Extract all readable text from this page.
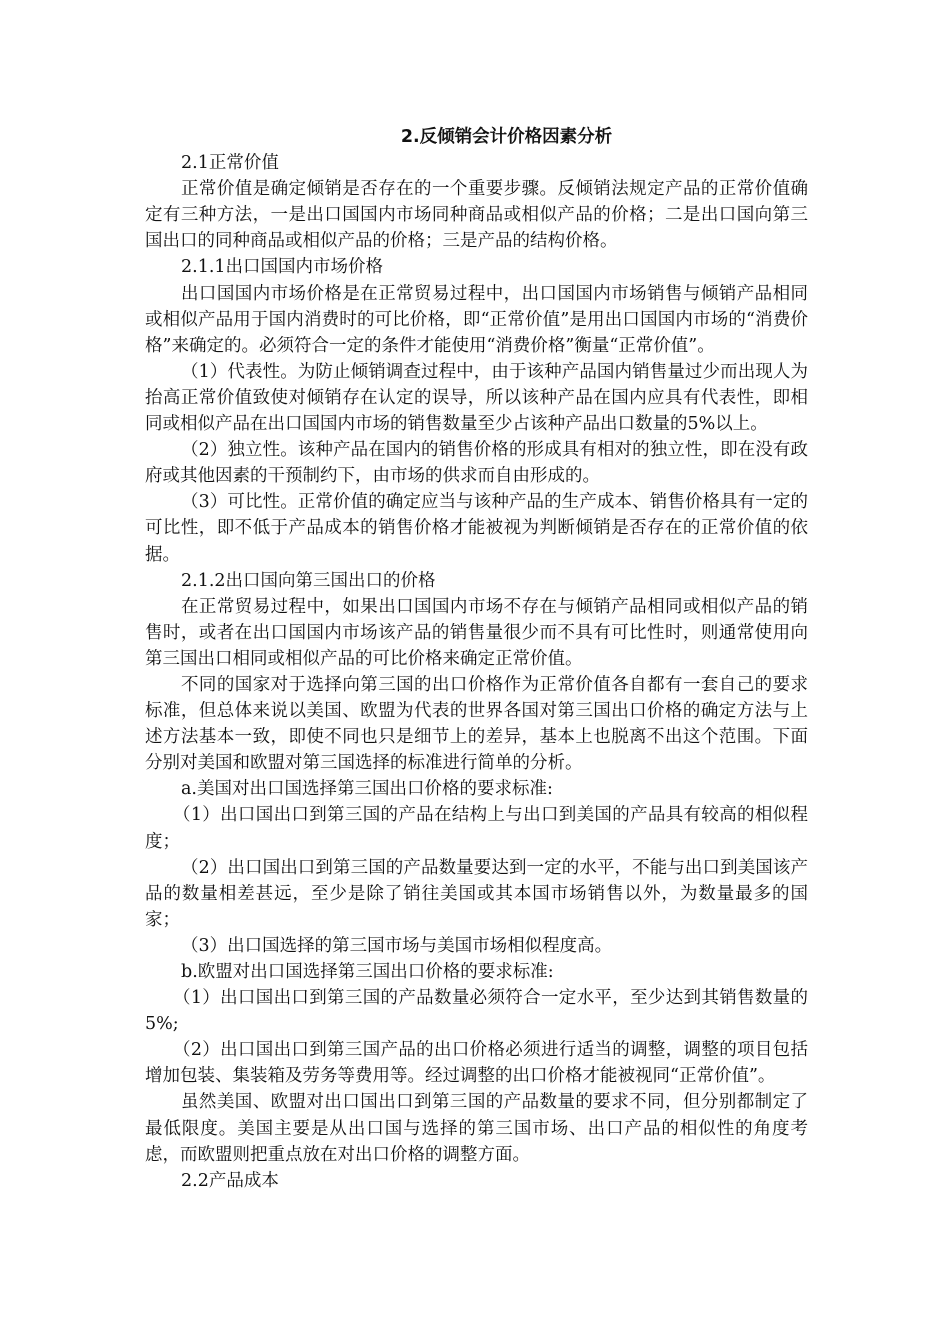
2.反倾销会计价格因素分析

2.1正常价值

正常价值是确定倾销是否存在的一个重要步骤。反倾销法规定产品的正常价值确定有三种方法，一是出口国国内市场同种商品或相似产品的价格；二是出口国向第三国出口的同种商品或相似产品的价格；三是产品的结构价格。

2.1.1出口国国内市场价格

出口国国内市场价格是在正常贸易过程中，出口国国内市场销售与倾销产品相同或相似产品用于国内消费时的可比价格，即“正常价值”是用出口国国内市场的“消费价格”来确定的。必须符合一定的条件才能使用“消费价格”衡量“正常价值”。

（1）代表性。为防止倾销调查过程中，由于该种产品国内销售量过少而出现人为抬高正常价值致使对倾销存在认定的误导，所以该种产品在国内应具有代表性，即相同或相似产品在出口国国内市场的销售数量至少占该种产品出口数量的5%以上。

（2）独立性。该种产品在国内的销售价格的形成具有相对的独立性，即在没有政府或其他因素的干预制约下，由市场的供求而自由形成的。

（3）可比性。正常价值的确定应当与该种产品的生产成本、销售价格具有一定的可比性，即不低于产品成本的销售价格才能被视为判断倾销是否存在的正常价值的依据。

2.1.2出口国向第三国出口的价格

在正常贸易过程中，如果出口国国内市场不存在与倾销产品相同或相似产品的销售时，或者在出口国国内市场该产品的销售量很少而不具有可比性时，则通常使用向第三国出口相同或相似产品的可比价格来确定正常价值。

不同的国家对于选择向第三国的出口价格作为正常价值各自都有一套自己的要求标准，但总体来说以美国、欧盟为代表的世界各国对第三国出口价格的确定方法与上述方法基本一致，即使不同也只是细节上的差异，基本上也脱离不出这个范围。下面分别对美国和欧盟对第三国选择的标准进行简单的分析。

a.美国对出口国选择第三国出口价格的要求标准:

（1）出口国出口到第三国的产品在结构上与出口到美国的产品具有较高的相似程度；

（2）出口国出口到第三国的产品数量要达到一定的水平，不能与出口到美国该产品的数量相差甚远，至少是除了销往美国或其本国市场销售以外，为数量最多的国家；

（3）出口国选择的第三国市场与美国市场相似程度高。

b.欧盟对出口国选择第三国出口价格的要求标准:

（1）出口国出口到第三国的产品数量必须符合一定水平，至少达到其销售数量的5%;

（2）出口国出口到第三国产品的出口价格必须进行适当的调整，调整的项目包括增加包装、集装箱及劳务等费用等。经过调整的出口价格才能被视同“正常价值”。

虽然美国、欧盟对出口国出口到第三国的产品数量的要求不同，但分别都制定了最低限度。美国主要是从出口国与选择的第三国市场、出口产品的相似性的角度考虑，而欧盟则把重点放在对出口价格的调整方面。

2.2产品成本
